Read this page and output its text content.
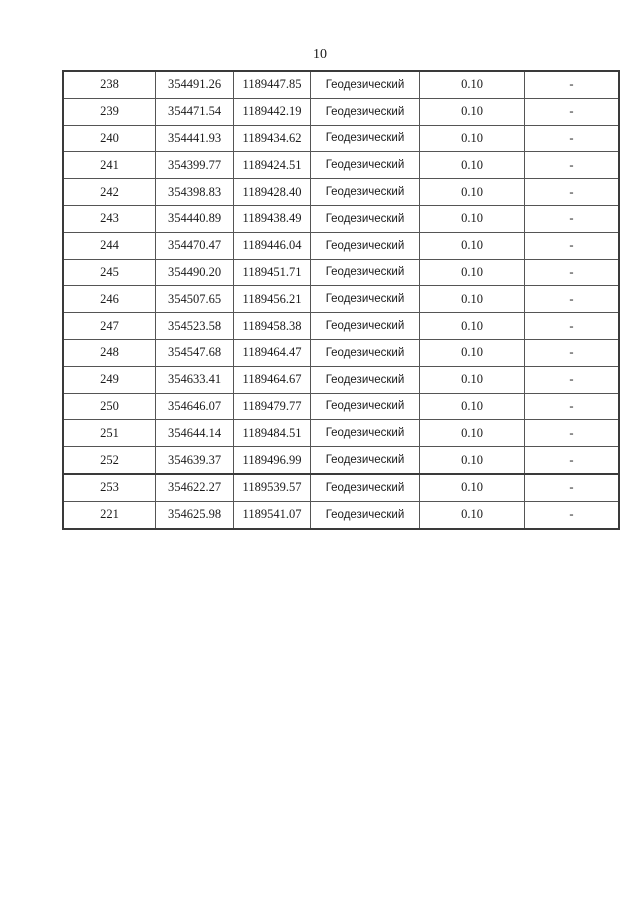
10
238	354491.26	1189447.85	Геодезический	0.10	-
239	354471.54	1189442.19	Геодезический	0.10	-
240	354441.93	1189434.62	Геодезический	0.10	-
241	354399.77	1189424.51	Геодезический	0.10	-
242	354398.83	1189428.40	Геодезический	0.10	-
243	354440.89	1189438.49	Геодезический	0.10	-
244	354470.47	1189446.04	Геодезический	0.10	-
245	354490.20	1189451.71	Геодезический	0.10	-
246	354507.65	1189456.21	Геодезический	0.10	-
247	354523.58	1189458.38	Геодезический	0.10	-
248	354547.68	1189464.47	Геодезический	0.10	-
249	354633.41	1189464.67	Геодезический	0.10	-
250	354646.07	1189479.77	Геодезический	0.10	-
251	354644.14	1189484.51	Геодезический	0.10	-
252	354639.37	1189496.99	Геодезический	0.10	-
253	354622.27	1189539.57	Геодезический	0.10	-
221	354625.98	1189541.07	Геодезический	0.10	-
